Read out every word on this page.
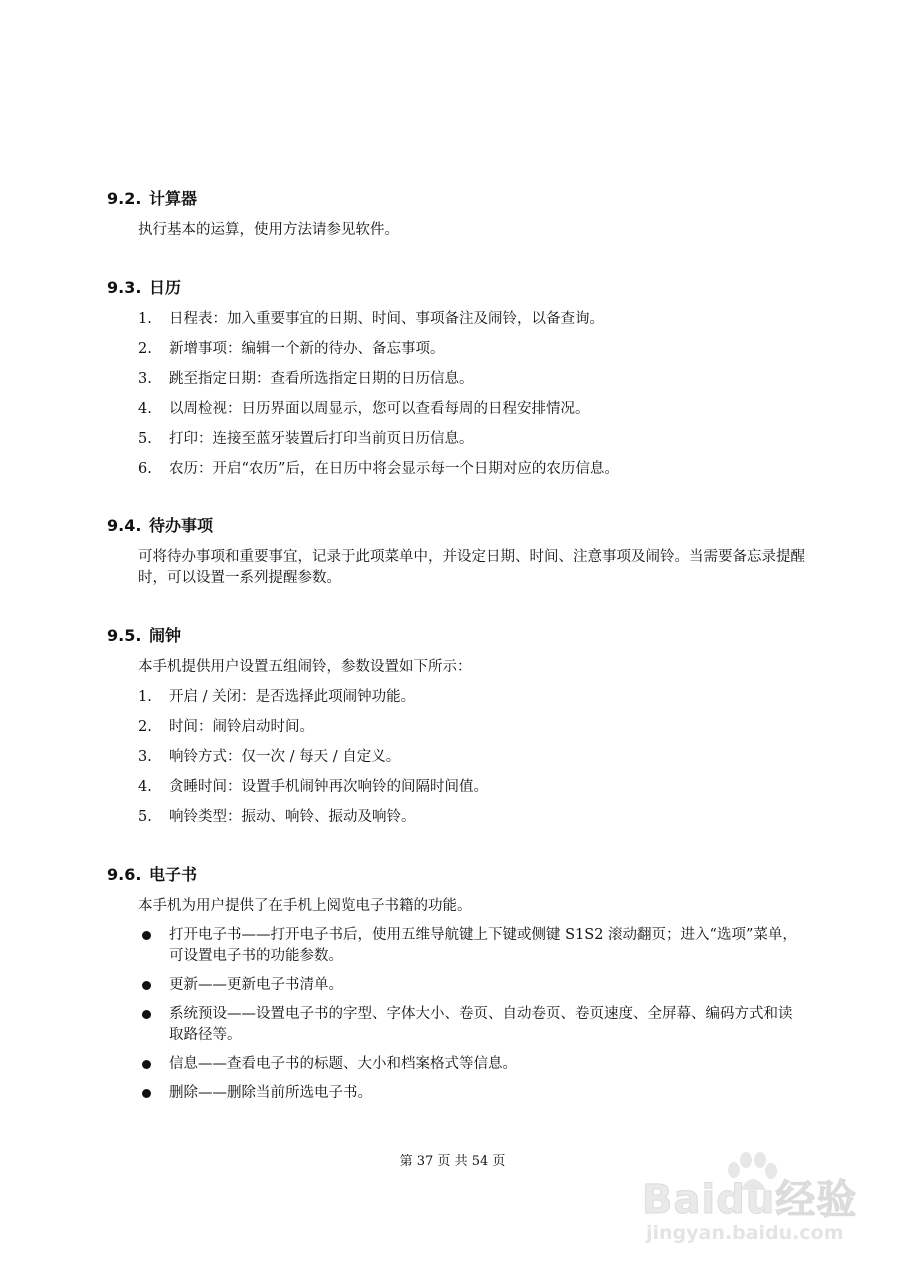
9.2. 计算器
执行基本的运算，使用方法请参见软件。
9.3. 日历
1.	日程表：加入重要事宜的日期、时间、事项备注及闹铃，以备查询。
2.	新增事项：编辑一个新的待办、备忘事项。
3.	跳至指定日期：查看所选指定日期的日历信息。
4.	以周检视：日历界面以周显示，您可以查看每周的日程安排情况。
5.	打印：连接至蓝牙装置后打印当前页日历信息。
6.	农历：开启“农历”后，在日历中将会显示每一个日期对应的农历信息。
9.4. 待办事项
可将待办事项和重要事宜，记录于此项菜单中，并设定日期、时间、注意事项及闹铃。当需要备忘录提醒时，可以设置一系列提醒参数。
9.5. 闹钟
本手机提供用户设置五组闹铃，参数设置如下所示：
1.	开启 / 关闭：是否选择此项闹钟功能。
2.	时间：闹铃启动时间。
3.	响铃方式：仅一次 / 每天 / 自定义。
4.	贪睡时间：设置手机闹钟再次响铃的间隔时间值。
5.	响铃类型：振动、响铃、振动及响铃。
9.6. 电子书
本手机为用户提供了在手机上阅览电子书籍的功能。
打开电子书——打开电子书后，使用五维导航键上下键或侧键 S1S2 滚动翻页；进入“选项”菜单，可设置电子书的功能参数。
更新——更新电子书清单。
系统预设——设置电子书的字型、字体大小、卷页、自动卷页、卷页速度、全屏幕、编码方式和读取路径等。
信息——查看电子书的标题、大小和档案格式等信息。
删除——删除当前所选电子书。
第 37 页 共 54 页
Baidu经验
jingyan.baidu.com
